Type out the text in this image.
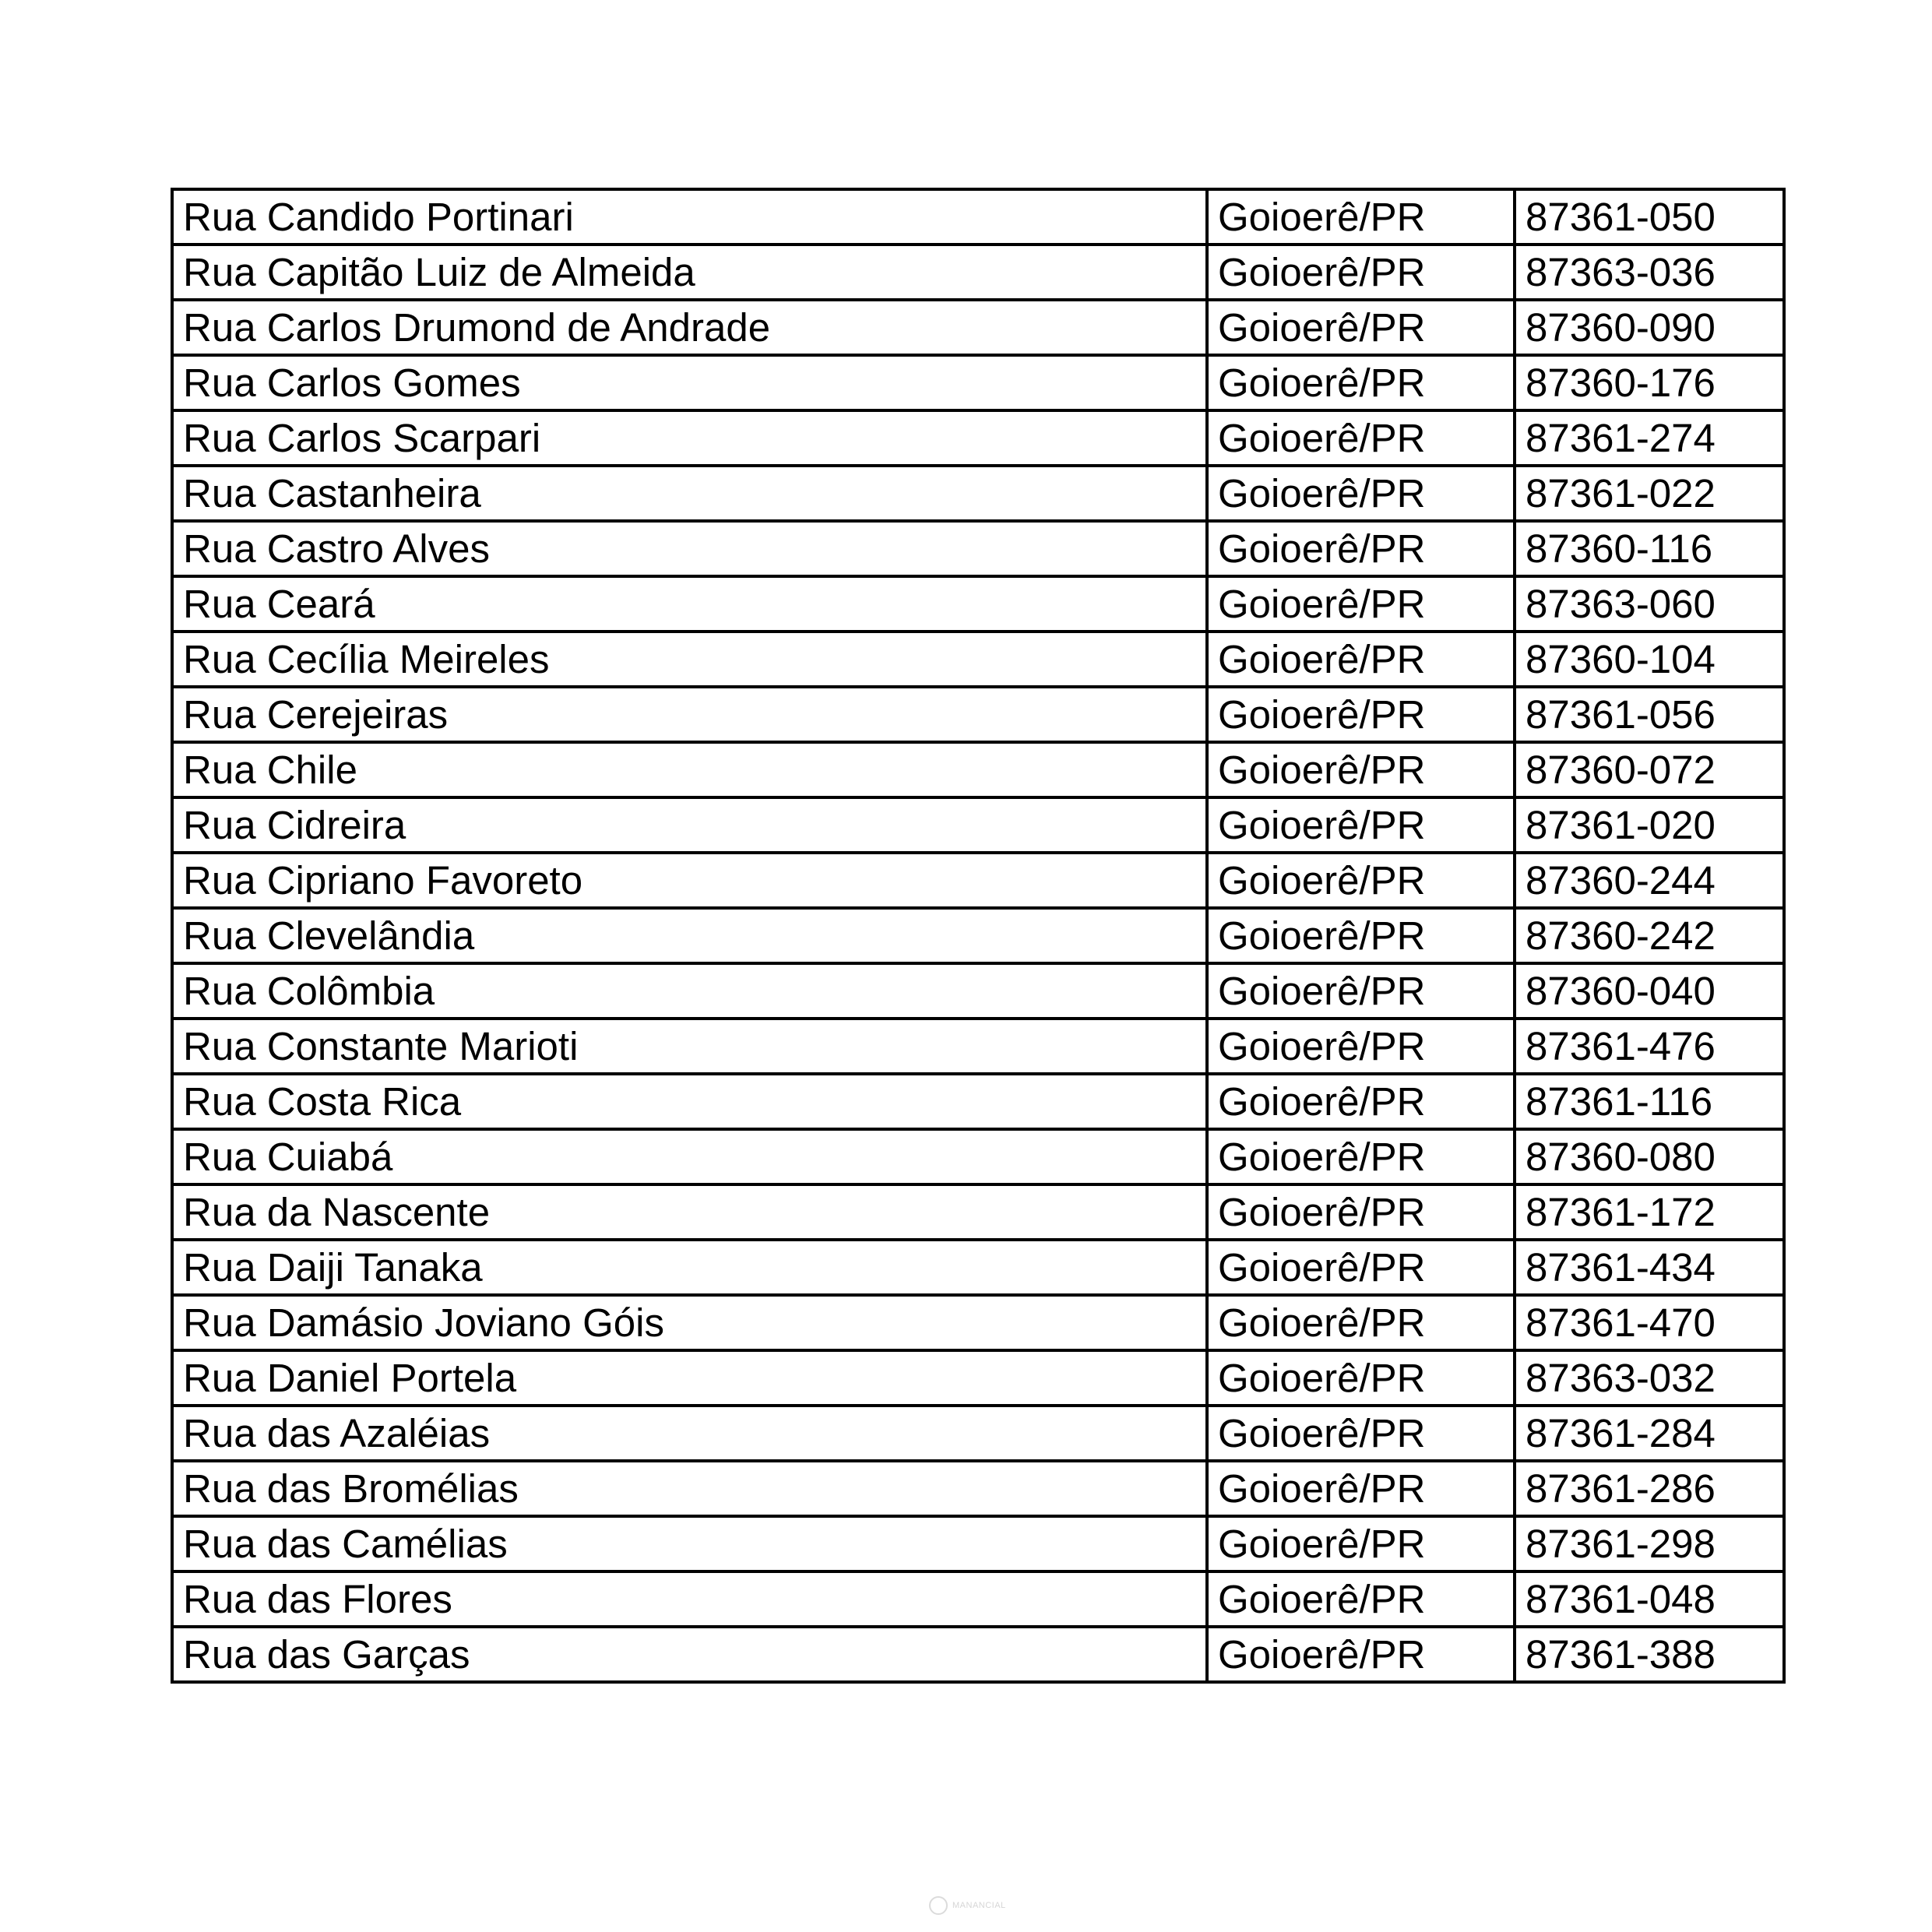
Rua Candido Portinari	Goioerê/PR	87361-050
Rua Capitão Luiz de Almeida	Goioerê/PR	87363-036
Rua Carlos Drumond de Andrade	Goioerê/PR	87360-090
Rua Carlos Gomes	Goioerê/PR	87360-176
Rua Carlos Scarpari	Goioerê/PR	87361-274
Rua Castanheira	Goioerê/PR	87361-022
Rua Castro Alves	Goioerê/PR	87360-116
Rua Ceará	Goioerê/PR	87363-060
Rua Cecília Meireles	Goioerê/PR	87360-104
Rua Cerejeiras	Goioerê/PR	87361-056
Rua Chile	Goioerê/PR	87360-072
Rua Cidreira	Goioerê/PR	87361-020
Rua Cipriano Favoreto	Goioerê/PR	87360-244
Rua Clevelândia	Goioerê/PR	87360-242
Rua Colômbia	Goioerê/PR	87360-040
Rua Constante Marioti	Goioerê/PR	87361-476
Rua Costa Rica	Goioerê/PR	87361-116
Rua Cuiabá	Goioerê/PR	87360-080
Rua da Nascente	Goioerê/PR	87361-172
Rua Daiji Tanaka	Goioerê/PR	87361-434
Rua Damásio Joviano Góis	Goioerê/PR	87361-470
Rua Daniel Portela	Goioerê/PR	87363-032
Rua das Azaléias	Goioerê/PR	87361-284
Rua das Bromélias	Goioerê/PR	87361-286
Rua das Camélias	Goioerê/PR	87361-298
Rua das Flores	Goioerê/PR	87361-048
Rua das Garças	Goioerê/PR	87361-388
MANANCIAL
